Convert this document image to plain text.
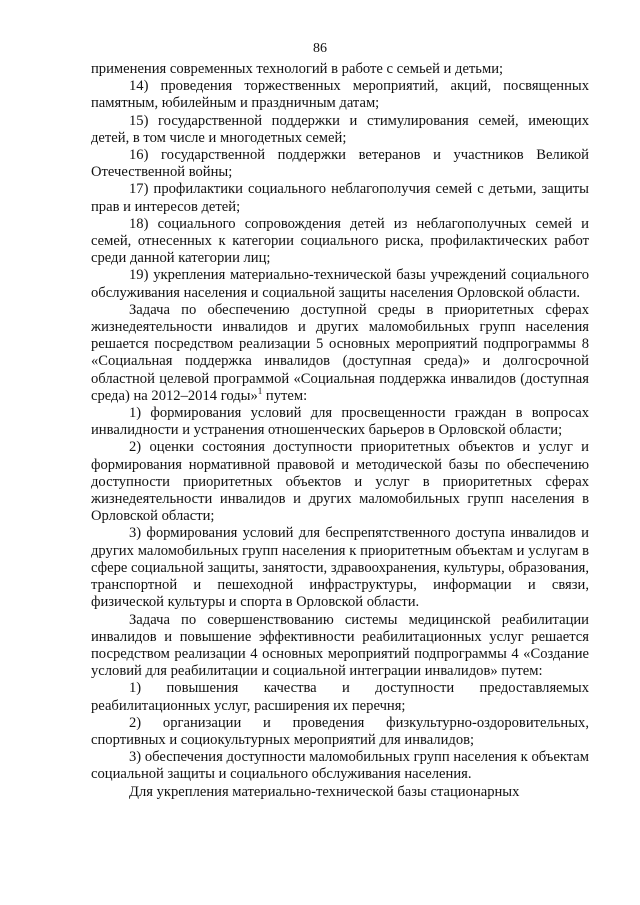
86

применения современных технологий в работе с семьей и детьми;

14) проведения торжественных мероприятий, акций, посвященных памятным, юбилейным и праздничным датам;

15) государственной поддержки и стимулирования семей, имеющих детей, в том числе и многодетных семей;

16) государственной поддержки ветеранов и участников Великой Отечественной войны;

17) профилактики социального неблагополучия семей с детьми, защиты прав и интересов детей;

18) социального сопровождения детей из неблагополучных семей и семей, отнесенных к категории социального риска, профилактических работ среди данной категории лиц;

19) укрепления материально-технической базы учреждений социального обслуживания населения и социальной защиты населения Орловской области.

Задача по обеспечению доступной среды в приоритетных сферах жизнедеятельности инвалидов и других маломобильных групп населения решается посредством реализации 5 основных мероприятий подпрограммы 8 «Социальная поддержка инвалидов (доступная среда)» и долгосрочной областной целевой программой «Социальная поддержка инвалидов (доступная среда) на 2012–2014 годы»$^1$ путем:

1) формирования условий для просвещенности граждан в вопросах инвалидности и устранения отношенческих барьеров в Орловской области;

2) оценки состояния доступности приоритетных объектов и услуг и формирования нормативной правовой и методической базы по обеспечению доступности приоритетных объектов и услуг в приоритетных сферах жизнедеятельности инвалидов и других маломобильных групп населения в Орловской области;

3) формирования условий для беспрепятственного доступа инвалидов и других маломобильных групп населения к приоритетным объектам и услугам в сфере социальной защиты, занятости, здравоохранения, культуры, образования, транспортной и пешеходной инфраструктуры, информации и связи, физической культуры и спорта в Орловской области.

Задача по совершенствованию системы медицинской реабилитации инвалидов и повышение эффективности реабилитационных услуг решается посредством реализации 4 основных мероприятий подпрограммы 4 «Создание условий для реабилитации и социальной интеграции инвалидов» путем:

1) повышения качества и доступности предоставляемых реабилитационных услуг, расширения их перечня;

2) организации и проведения физкультурно-оздоровительных, спортивных и социокультурных мероприятий для инвалидов;

3) обеспечения доступности маломобильных групп населения к объектам социальной защиты и социального обслуживания населения.

Для укрепления материально-технической базы стационарных
